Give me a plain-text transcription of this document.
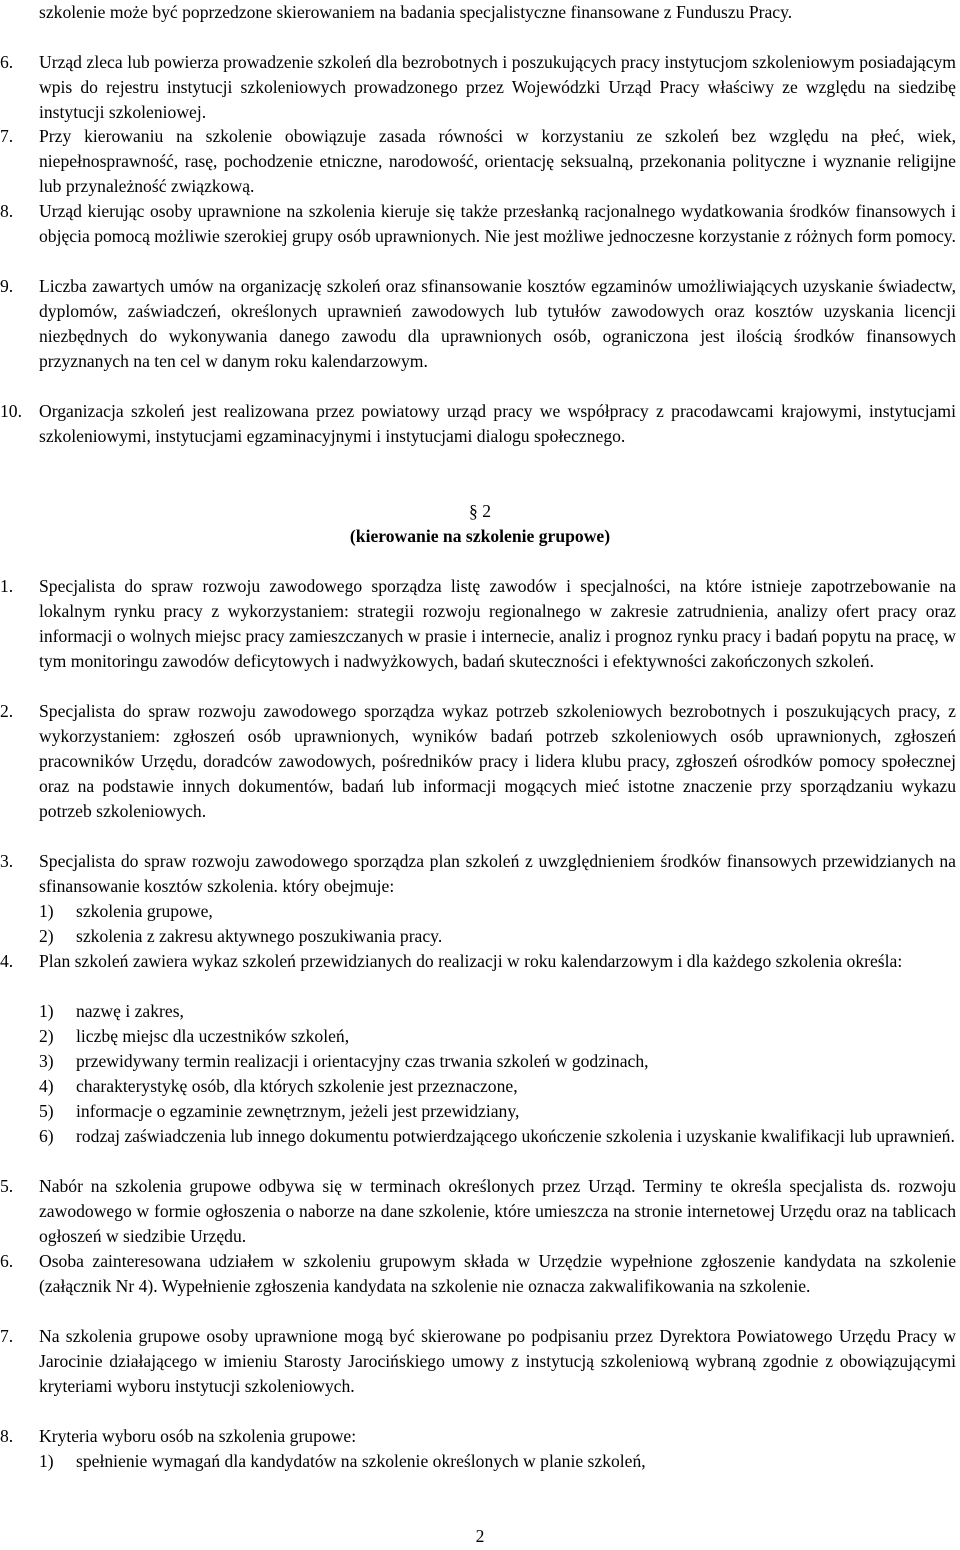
szkolenie może być poprzedzone skierowaniem na badania specjalistyczne finansowane z Funduszu Pracy.
6. Urząd zleca lub powierza prowadzenie szkoleń dla bezrobotnych i poszukujących pracy instytucjom szkoleniowym posiadającym wpis do rejestru instytucji szkoleniowych prowadzonego przez Wojewódzki Urząd Pracy właściwy ze względu na siedzibę instytucji szkoleniowej.
7. Przy kierowaniu na szkolenie obowiązuje zasada równości w korzystaniu ze szkoleń bez względu na płeć, wiek, niepełnosprawność, rasę, pochodzenie etniczne, narodowość, orientację seksualną, przekonania polityczne i wyznanie religijne lub przynależność związkową.
8. Urząd kierując osoby uprawnione na szkolenia kieruje się także przesłanką racjonalnego wydatkowania środków finansowych i objęcia pomocą możliwie szerokiej grupy osób uprawnionych. Nie jest możliwe jednoczesne korzystanie z różnych form pomocy.
9. Liczba zawartych umów na organizację szkoleń oraz sfinansowanie kosztów egzaminów umożliwiających uzyskanie świadectw, dyplomów, zaświadczeń, określonych uprawnień zawodowych lub tytułów zawodowych oraz kosztów uzyskania licencji niezbędnych do wykonywania danego zawodu dla uprawnionych osób, ograniczona jest ilością środków finansowych przyznanych na ten cel w danym roku kalendarzowym.
10. Organizacja szkoleń jest realizowana przez powiatowy urząd pracy we współpracy z pracodawcami krajowymi, instytucjami szkoleniowymi, instytucjami egzaminacyjnymi i instytucjami dialogu społecznego.
§ 2
(kierowanie na szkolenie grupowe)
1. Specjalista do spraw rozwoju zawodowego sporządza listę zawodów i specjalności, na które istnieje zapotrzebowanie na lokalnym rynku pracy z wykorzystaniem: strategii rozwoju regionalnego w zakresie zatrudnienia, analizy ofert pracy oraz informacji o wolnych miejsc pracy zamieszczanych w prasie i internecie, analiz i prognoz rynku pracy i badań popytu na pracę, w tym monitoringu zawodów deficytowych i nadwyżkowych, badań skuteczności i efektywności zakończonych szkoleń.
2. Specjalista do spraw rozwoju zawodowego sporządza wykaz potrzeb szkoleniowych bezrobotnych i poszukujących pracy, z wykorzystaniem: zgłoszeń osób uprawnionych, wyników badań potrzeb szkoleniowych osób uprawnionych, zgłoszeń pracowników Urzędu, doradców zawodowych, pośredników pracy i lidera klubu pracy, zgłoszeń ośrodków pomocy społecznej oraz na podstawie innych dokumentów, badań lub informacji mogących mieć istotne znaczenie przy sporządzaniu wykazu potrzeb szkoleniowych.
3. Specjalista do spraw rozwoju zawodowego sporządza plan szkoleń z uwzględnieniem środków finansowych przewidzianych na sfinansowanie kosztów szkolenia. który obejmuje:
1) szkolenia grupowe,
2) szkolenia z zakresu aktywnego poszukiwania pracy.
4. Plan szkoleń zawiera wykaz szkoleń przewidzianych do realizacji w roku kalendarzowym i dla każdego szkolenia określa:
1) nazwę i zakres,
2) liczbę miejsc dla uczestników szkoleń,
3) przewidywany termin realizacji i orientacyjny czas trwania szkoleń w godzinach,
4) charakterystykę osób, dla których szkolenie jest przeznaczone,
5) informacje o egzaminie zewnętrznym, jeżeli jest przewidziany,
6) rodzaj zaświadczenia lub innego dokumentu potwierdzającego ukończenie szkolenia i uzyskanie kwalifikacji lub uprawnień.
5. Nabór na szkolenia grupowe odbywa się w terminach określonych przez Urząd. Terminy te określa specjalista ds. rozwoju zawodowego w formie ogłoszenia o naborze na dane szkolenie, które umieszcza na stronie internetowej Urzędu oraz na tablicach ogłoszeń w siedzibie Urzędu.
6. Osoba zainteresowana udziałem w szkoleniu grupowym składa w Urzędzie wypełnione zgłoszenie kandydata na szkolenie (załącznik Nr 4). Wypełnienie zgłoszenia kandydata na szkolenie nie oznacza zakwalifikowania na szkolenie.
7. Na szkolenia grupowe osoby uprawnione mogą być skierowane po podpisaniu przez Dyrektora Powiatowego Urzędu Pracy w Jarocinie działającego w imieniu Starosty Jarocińskiego umowy z instytucją szkoleniową wybraną zgodnie z obowiązującymi kryteriami wyboru instytucji szkoleniowych.
8. Kryteria wyboru osób na szkolenia grupowe:
1) spełnienie wymagań dla kandydatów na szkolenie określonych w planie szkoleń,
2
